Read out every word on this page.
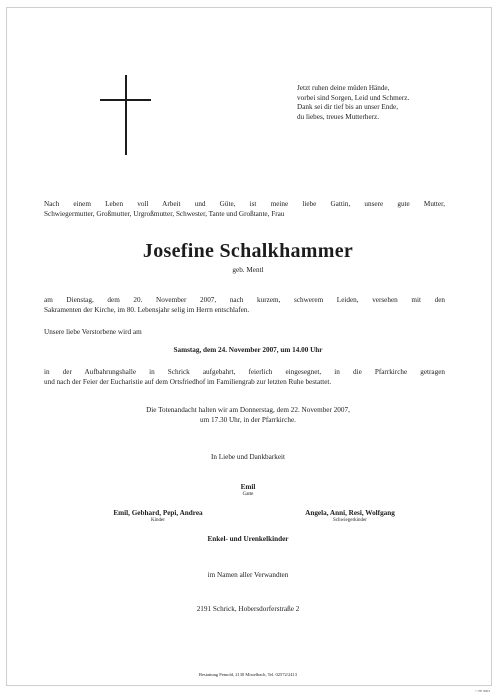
Jetzt ruhen deine müden Hände,
vorbei sind Sorgen, Leid und Schmerz.
Dank sei dir tief bis an unser Ende,
du liebes, treues Mutterherz.
Nach einem Leben voll Arbeit und Güte, ist meine liebe Gattin, unsere gute Mutter,
Schwiegermutter, Großmutter, Urgroßmutter, Schwester, Tante und Großtante, Frau
Josefine Schalkhammer
geb. Mentl
am Dienstag, dem 20. November 2007, nach kurzem, schwerem Leiden, versehen mit den
Sakramenten der Kirche, im 80. Lebensjahr selig im Herrn entschlafen.
Unsere liebe Verstorbene wird am
Samstag, dem 24. November 2007, um 14.00 Uhr
in der Aufbahrungshalle in Schrick aufgebahrt, feierlich eingesegnet, in die Pfarrkirche getragen
und nach der Feier der Eucharistie auf dem Ortsfriedhof im Familiengrab zur letzten Ruhe bestattet.
Die Totenandacht halten wir am Donnerstag, dem 22. November 2007,
um 17.30 Uhr, in der Pfarrkirche.
In Liebe und Dankbarkeit
Emil
Gatte
Emil, Gebhard, Pepi, Andrea
Kinder
Angela, Anni, Resi, Wolfgang
Schwiegerkinder
Enkel- und Urenkelkinder
im Namen aller Verwandten
2191 Schrick, Hobersdorferstraße 2
Bestattung Pemold, 2130 Mistelbach, Tel. 02572/2413
© FP 9003
